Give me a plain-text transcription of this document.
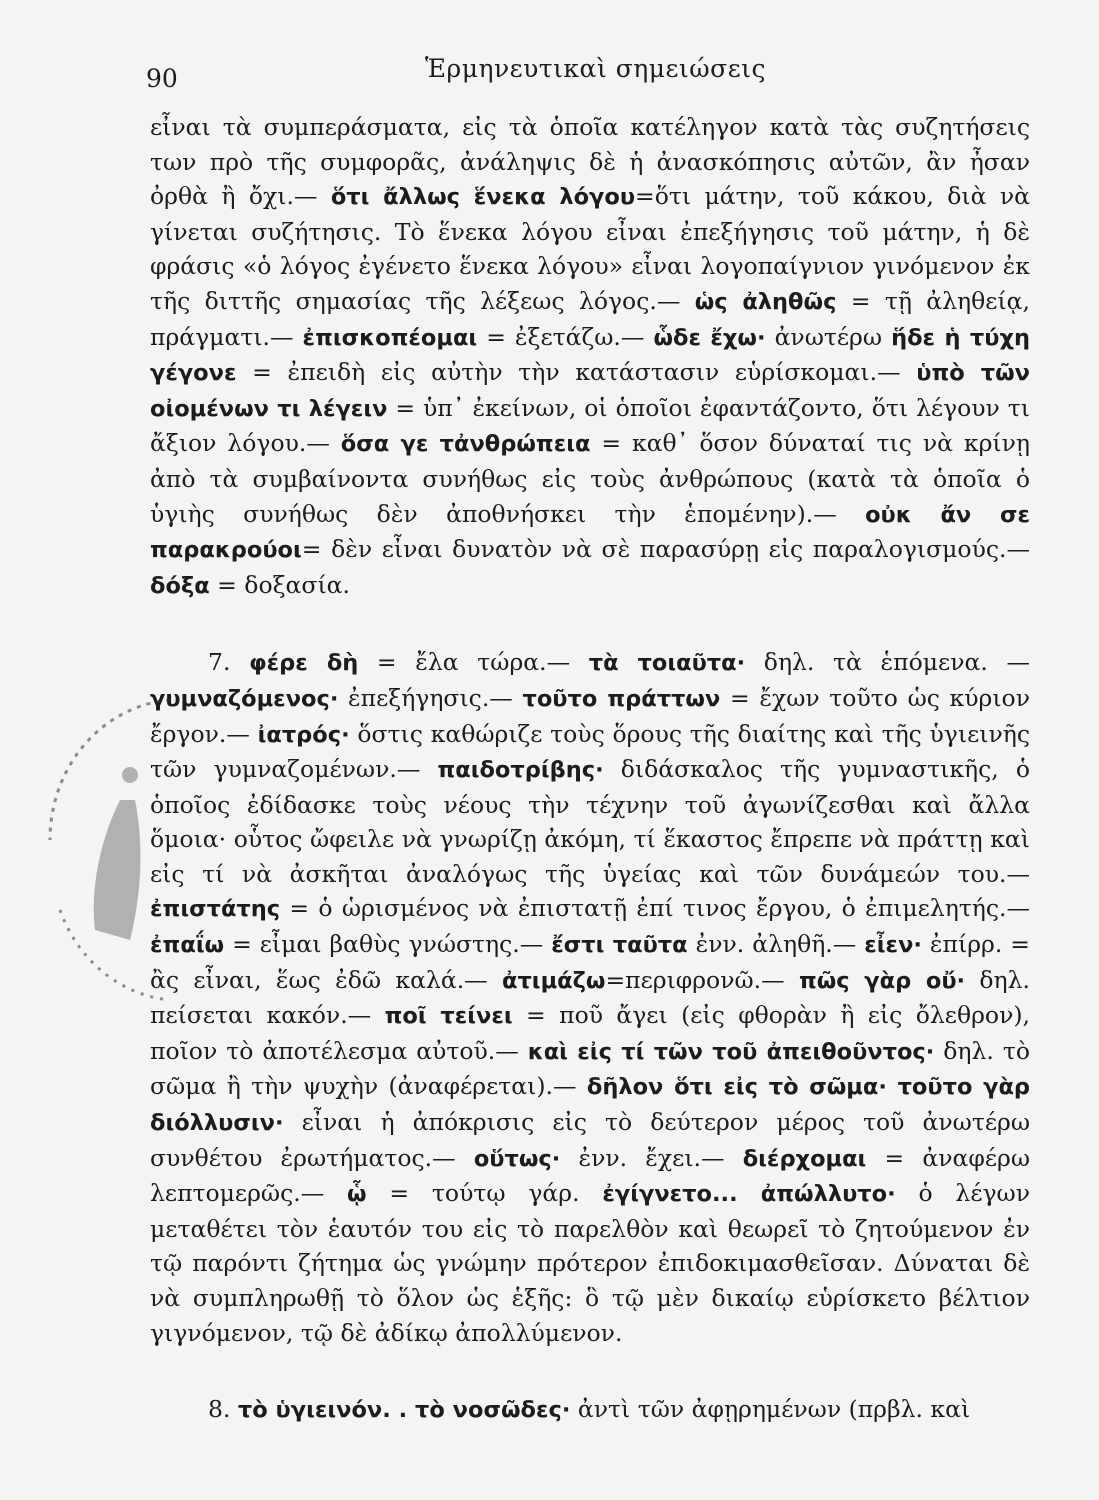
90	Ἑρμηνευτικαὶ σημειώσεις

εἶναι τὰ συμπεράσματα, εἰς τὰ ὁποῖα κατέληγον κατὰ τὰς συζητήσεις των πρὸ τῆς συμφορᾶς, ἀνάληψις δὲ ἡ ἀνασκόπησις αὐτῶν, ἂν ἦσαν ὀρθὰ ἢ ὄχι.— ὅτι ἄλλως ἕνεκα λόγου=ὅτι μάτην, τοῦ κάκου, διὰ νὰ γίνεται συζήτησις. Τὸ ἕνεκα λόγου εἶναι ἐπεξήγησις τοῦ μάτην, ἡ δὲ φράσις «ὁ λόγος ἐγένετο ἕνεκα λόγου» εἶναι λογοπαίγνιον γινόμενον ἐκ τῆς διττῆς σημασίας τῆς λέξεως λόγος.— ὡς ἀληθῶς = τῇ ἀληθείᾳ, πράγματι.— ἐπισκοπέομαι = ἐξετάζω.— ὧδε ἔχω· ἀνωτέρω ἥδε ἡ τύχη γέγονε = ἐπειδὴ εἰς αὐτὴν τὴν κατάστασιν εὑρίσκομαι.— ὑπὸ τῶν οἰομένων τι λέγειν = ὑπ᾽ ἐκείνων, οἱ ὁποῖοι ἐφαντάζοντο, ὅτι λέγουν τι ἄξιον λόγου.— ὅσα γε τἀνθρώπεια = καθ᾽ ὅσον δύναταί τις νὰ κρίνῃ ἀπὸ τὰ συμβαίνοντα συνήθως εἰς τοὺς ἀνθρώπους (κατὰ τὰ ὁποῖα ὁ ὑγιὴς συνήθως δὲν ἀποθνήσκει τὴν ἑπομένην).— οὐκ ἄν σε παρακρούοι= δὲν εἶναι δυνατὸν νὰ σὲ παρασύρῃ εἰς παραλογισμούς.— δόξα = δοξασία.

7. φέρε δὴ = ἔλα τώρα.— τὰ τοιαῦτα· δηλ. τὰ ἑπόμενα. —γυμναζόμενος· ἐπεξήγησις.— τοῦτο πράττων = ἔχων τοῦτο ὡς κύριον ἔργον.— ἰατρός· ὅστις καθώριζε τοὺς ὅρους τῆς διαίτης καὶ τῆς ὑγιεινῆς τῶν γυμναζομένων.— παιδοτρίβης· διδάσκαλος τῆς γυμναστικῆς, ὁ ὁποῖος ἐδίδασκε τοὺς νέους τὴν τέχνην τοῦ ἀγωνίζεσθαι καὶ ἄλλα ὅμοια· οὗτος ὤφειλε νὰ γνωρίζῃ ἀκόμη, τί ἕκαστος ἔπρεπε νὰ πράττῃ καὶ εἰς τί νὰ ἀσκῆται ἀναλόγως τῆς ὑγείας καὶ τῶν δυνάμεών του.— ἐπιστάτης = ὁ ὡρισμένος νὰ ἐπιστατῇ ἐπί τινος ἔργου, ὁ ἐπιμελητής.— ἐπαΐω = εἶμαι βαθὺς γνώστης.— ἔστι ταῦτα ἐνν. ἀληθῆ.— εἶεν· ἐπίρρ. = ἂς εἶναι, ἕως ἐδῶ καλά.— ἀτιμάζω=περιφρονῶ.— πῶς γὰρ οὔ· δηλ. πείσεται κακόν.— ποῖ τείνει = ποῦ ἄγει (εἰς φθορὰν ἢ εἰς ὄλεθρον), ποῖον τὸ ἀποτέλεσμα αὐτοῦ.— καὶ εἰς τί τῶν τοῦ ἀπειθοῦντος· δηλ. τὸ σῶμα ἢ τὴν ψυχὴν (ἀναφέρεται).— δῆλον ὅτι εἰς τὸ σῶμα· τοῦτο γὰρ διόλλυσιν· εἶναι ἡ ἀπόκρισις εἰς τὸ δεύτερον μέρος τοῦ ἀνωτέρω συνθέτου ἐρωτήματος.— οὕτως· ἐνν. ἔχει.— διέρχομαι = ἀναφέρω λεπτομερῶς.— ᾧ = τούτῳ γάρ. ἐγίγνετο... ἀπώλλυτο· ὁ λέγων μεταθέτει τὸν ἑαυτόν του εἰς τὸ παρελθὸν καὶ θεωρεῖ τὸ ζητούμενον ἐν τῷ παρόντι ζήτημα ὡς γνώμην πρότερον ἐπιδοκιμασθεῖσαν. Δύναται δὲ νὰ συμπληρωθῇ τὸ ὅλον ὡς ἑξῆς: ὃ τῷ μὲν δικαίῳ εὑρίσκετο βέλτιον γιγνόμενον, τῷ δὲ ἀδίκῳ ἀπολλύμενον.

8. τὸ ὑγιεινόν. . τὸ νοσῶδες· ἀντὶ τῶν ἀφῃρημένων (πρβλ. καὶ
